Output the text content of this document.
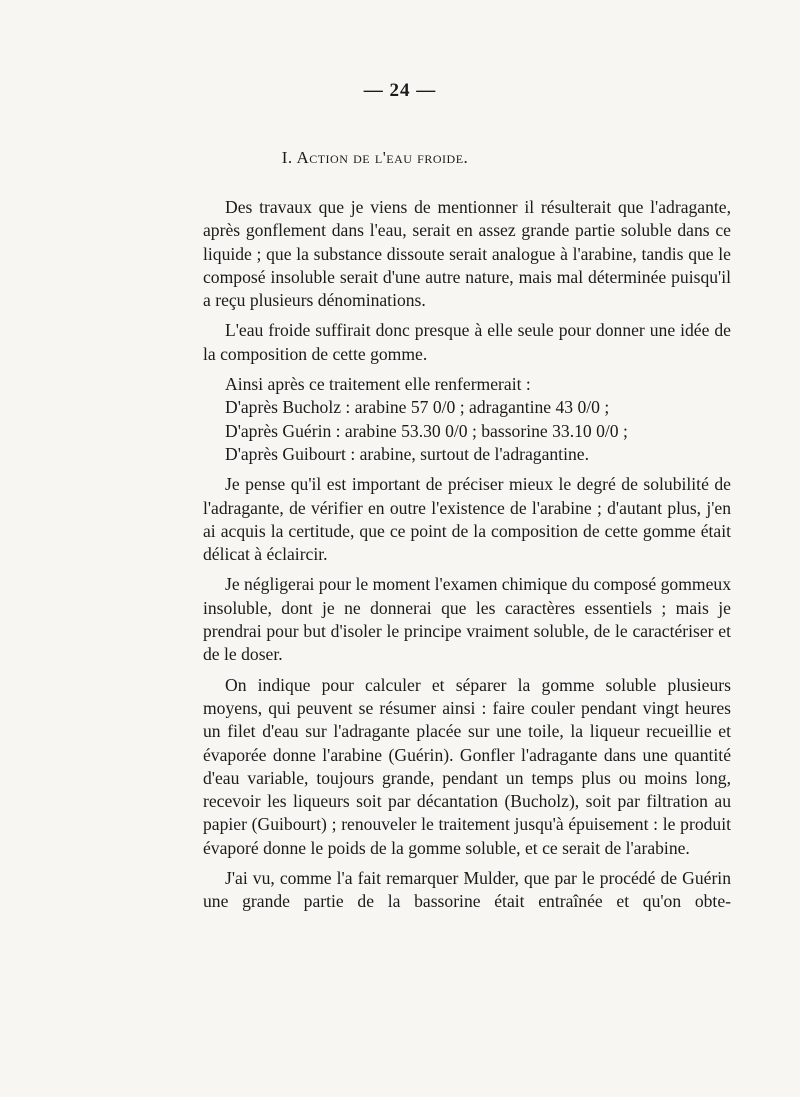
— 24 —
I. Action de l'eau froide.

Des travaux que je viens de mentionner il résulterait que l'adragante, après gonflement dans l'eau, serait en assez grande partie soluble dans ce liquide ; que la substance dissoute serait analogue à l'arabine, tandis que le composé insoluble serait d'une autre nature, mais mal déterminée puisqu'il a reçu plusieurs dénominations.

L'eau froide suffirait donc presque à elle seule pour donner une idée de la composition de cette gomme.

Ainsi après ce traitement elle renfermerait :

D'après Bucholz : arabine 57 0/0 ; adragantine 43 0/0 ;

D'après Guérin : arabine 53.30 0/0 ; bassorine 33.10 0/0 ;

D'après Guibourt : arabine, surtout de l'adragantine.

Je pense qu'il est important de préciser mieux le degré de solubilité de l'adragante, de vérifier en outre l'existence de l'arabine ; d'autant plus, j'en ai acquis la certitude, que ce point de la composition de cette gomme était délicat à éclaircir.

Je négligerai pour le moment l'examen chimique du composé gommeux insoluble, dont je ne donnerai que les caractères essentiels ; mais je prendrai pour but d'isoler le principe vraiment soluble, de le caractériser et de le doser.

On indique pour calculer et séparer la gomme soluble plusieurs moyens, qui peuvent se résumer ainsi : faire couler pendant vingt heures un filet d'eau sur l'adragante placée sur une toile, la liqueur recueillie et évaporée donne l'arabine (Guérin). Gonfler l'adragante dans une quantité d'eau variable, toujours grande, pendant un temps plus ou moins long, recevoir les liqueurs soit par décantation (Bucholz), soit par filtration au papier (Guibourt) ; renouveler le traitement jusqu'à épuisement : le produit évaporé donne le poids de la gomme soluble, et ce serait de l'arabine.

J'ai vu, comme l'a fait remarquer Mulder, que par le procédé de Guérin une grande partie de la bassorine était entraînée et qu'on obte-
